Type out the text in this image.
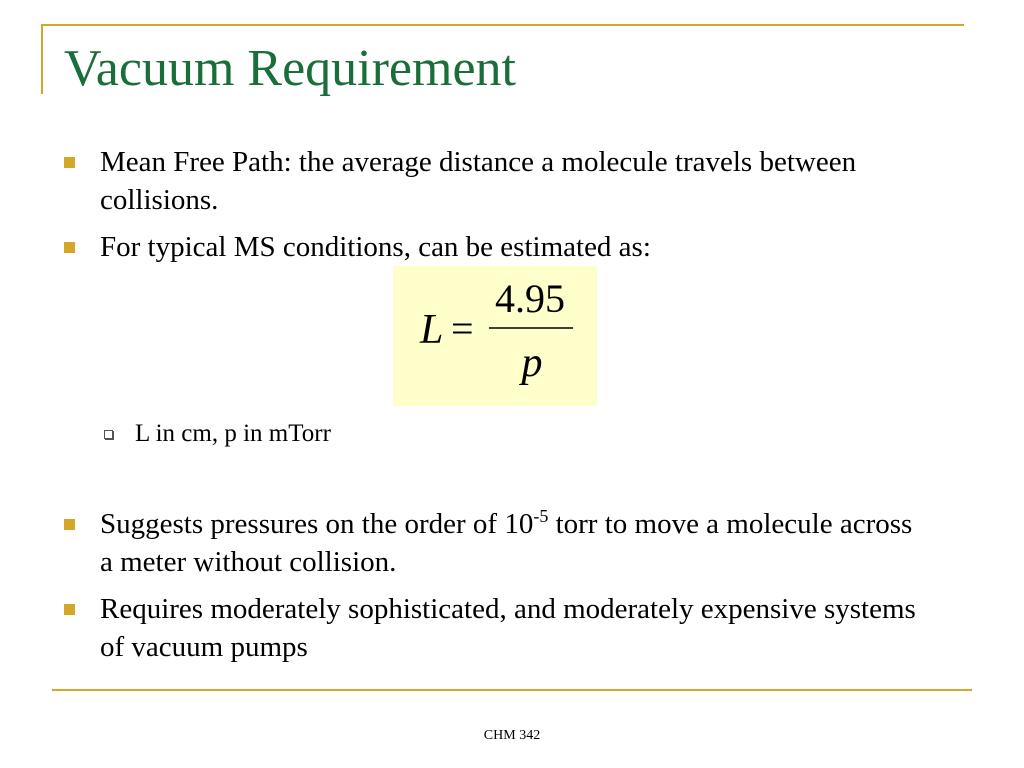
Vacuum Requirement
Mean Free Path: the average distance a molecule travels between collisions.
For typical MS conditions, can be estimated as:
L =
4.95
p
L in cm, p in mTorr
Suggests pressures on the order of $10^{-5}$ torr to move a molecule across a meter without collision.
Requires moderately sophisticated, and moderately expensive systems of vacuum pumps
CHM 342
